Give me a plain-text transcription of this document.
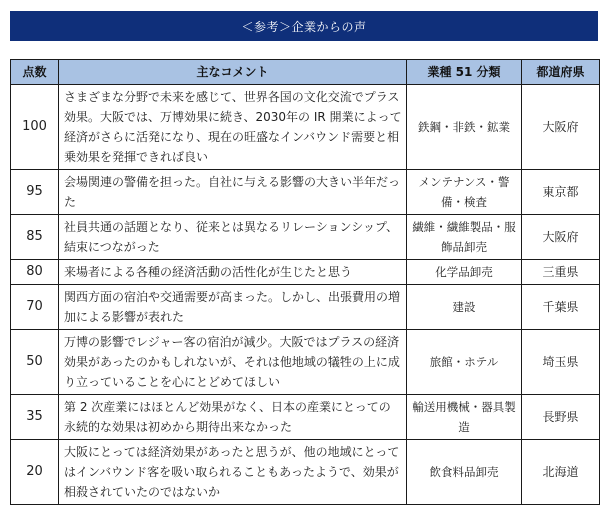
＜参考＞企業からの声
点数	主なコメント	業種 51 分類	都道府県
100	さまざまな分野で未来を感じて、世界各国の文化交流でプラス効果。大阪では、万博効果に続き、2030年の IR 開業によって経済がさらに活発になり、現在の旺盛なインバウンド需要と相乗効果を発揮できれば良い	鉄鋼・非鉄・鉱業	大阪府
95	会場関連の警備を担った。自社に与える影響の大きい半年だった	メンテナンス・警備・検査	東京都
85	社員共通の話題となり、従来とは異なるリレーションシップ、結束につながった	繊維・繊維製品・服飾品卸売	大阪府
80	来場者による各種の経済活動の活性化が生じたと思う	化学品卸売	三重県
70	関西方面の宿泊や交通需要が高まった。しかし、出張費用の増加による影響が表れた	建設	千葉県
50	万博の影響でレジャー客の宿泊が減少。大阪ではプラスの経済効果があったのかもしれないが、それは他地域の犠牲の上に成り立っていることを心にとどめてほしい	旅館・ホテル	埼玉県
35	第 2 次産業にはほとんど効果がなく、日本の産業にとっての永続的な効果は初めから期待出来なかった	輸送用機械・器具製造	長野県
20	大阪にとっては経済効果があったと思うが、他の地域にとってはインバウンド客を吸い取られることもあったようで、効果が相殺されていたのではないか	飲食料品卸売	北海道
